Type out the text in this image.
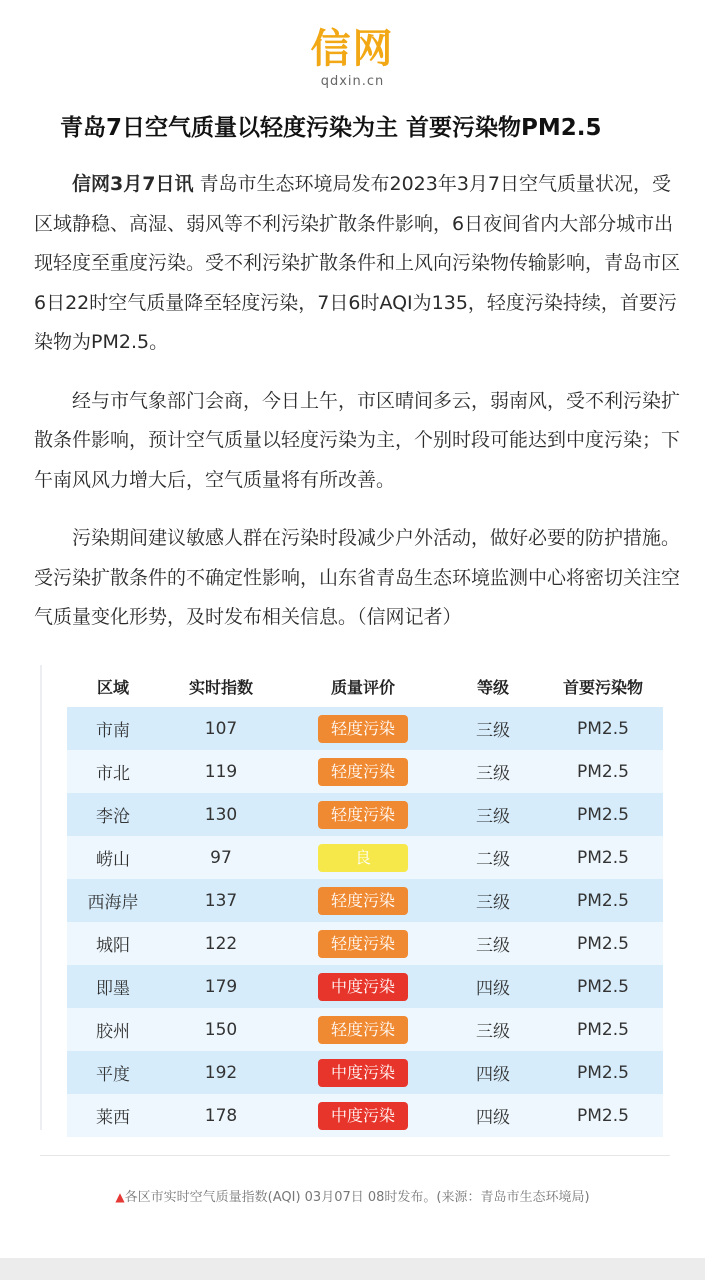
信网
qdxin.cn
青岛7日空气质量以轻度污染为主 首要污染物PM2.5

信网3月7日讯 青岛市生态环境局发布2023年3月7日空气质量状况，受区域静稳、高湿、弱风等不利污染扩散条件影响，6日夜间省内大部分城市出现轻度至重度污染。受不利污染扩散条件和上风向污染物传输影响，青岛市区6日22时空气质量降至轻度污染，7日6时AQI为135，轻度污染持续，首要污染物为PM2.5。

经与市气象部门会商，今日上午，市区晴间多云，弱南风，受不利污染扩散条件影响，预计空气质量以轻度污染为主，个别时段可能达到中度污染；下午南风风力增大后，空气质量将有所改善。

污染期间建议敏感人群在污染时段减少户外活动，做好必要的防护措施。受污染扩散条件的不确定性影响，山东省青岛生态环境监测中心将密切关注空气质量变化形势，及时发布相关信息。（信网记者）

区域	实时指数	质量评价	等级	首要污染物
市南	107	轻度污染	三级	PM2.5
市北	119	轻度污染	三级	PM2.5
李沧	130	轻度污染	三级	PM2.5
崂山	97	良	二级	PM2.5
西海岸	137	轻度污染	三级	PM2.5
城阳	122	轻度污染	三级	PM2.5
即墨	179	中度污染	四级	PM2.5
胶州	150	轻度污染	三级	PM2.5
平度	192	中度污染	四级	PM2.5
莱西	178	中度污染	四级	PM2.5
▲各区市实时空气质量指数(AQI) 03月07日 08时发布。(来源：青岛市生态环境局)
